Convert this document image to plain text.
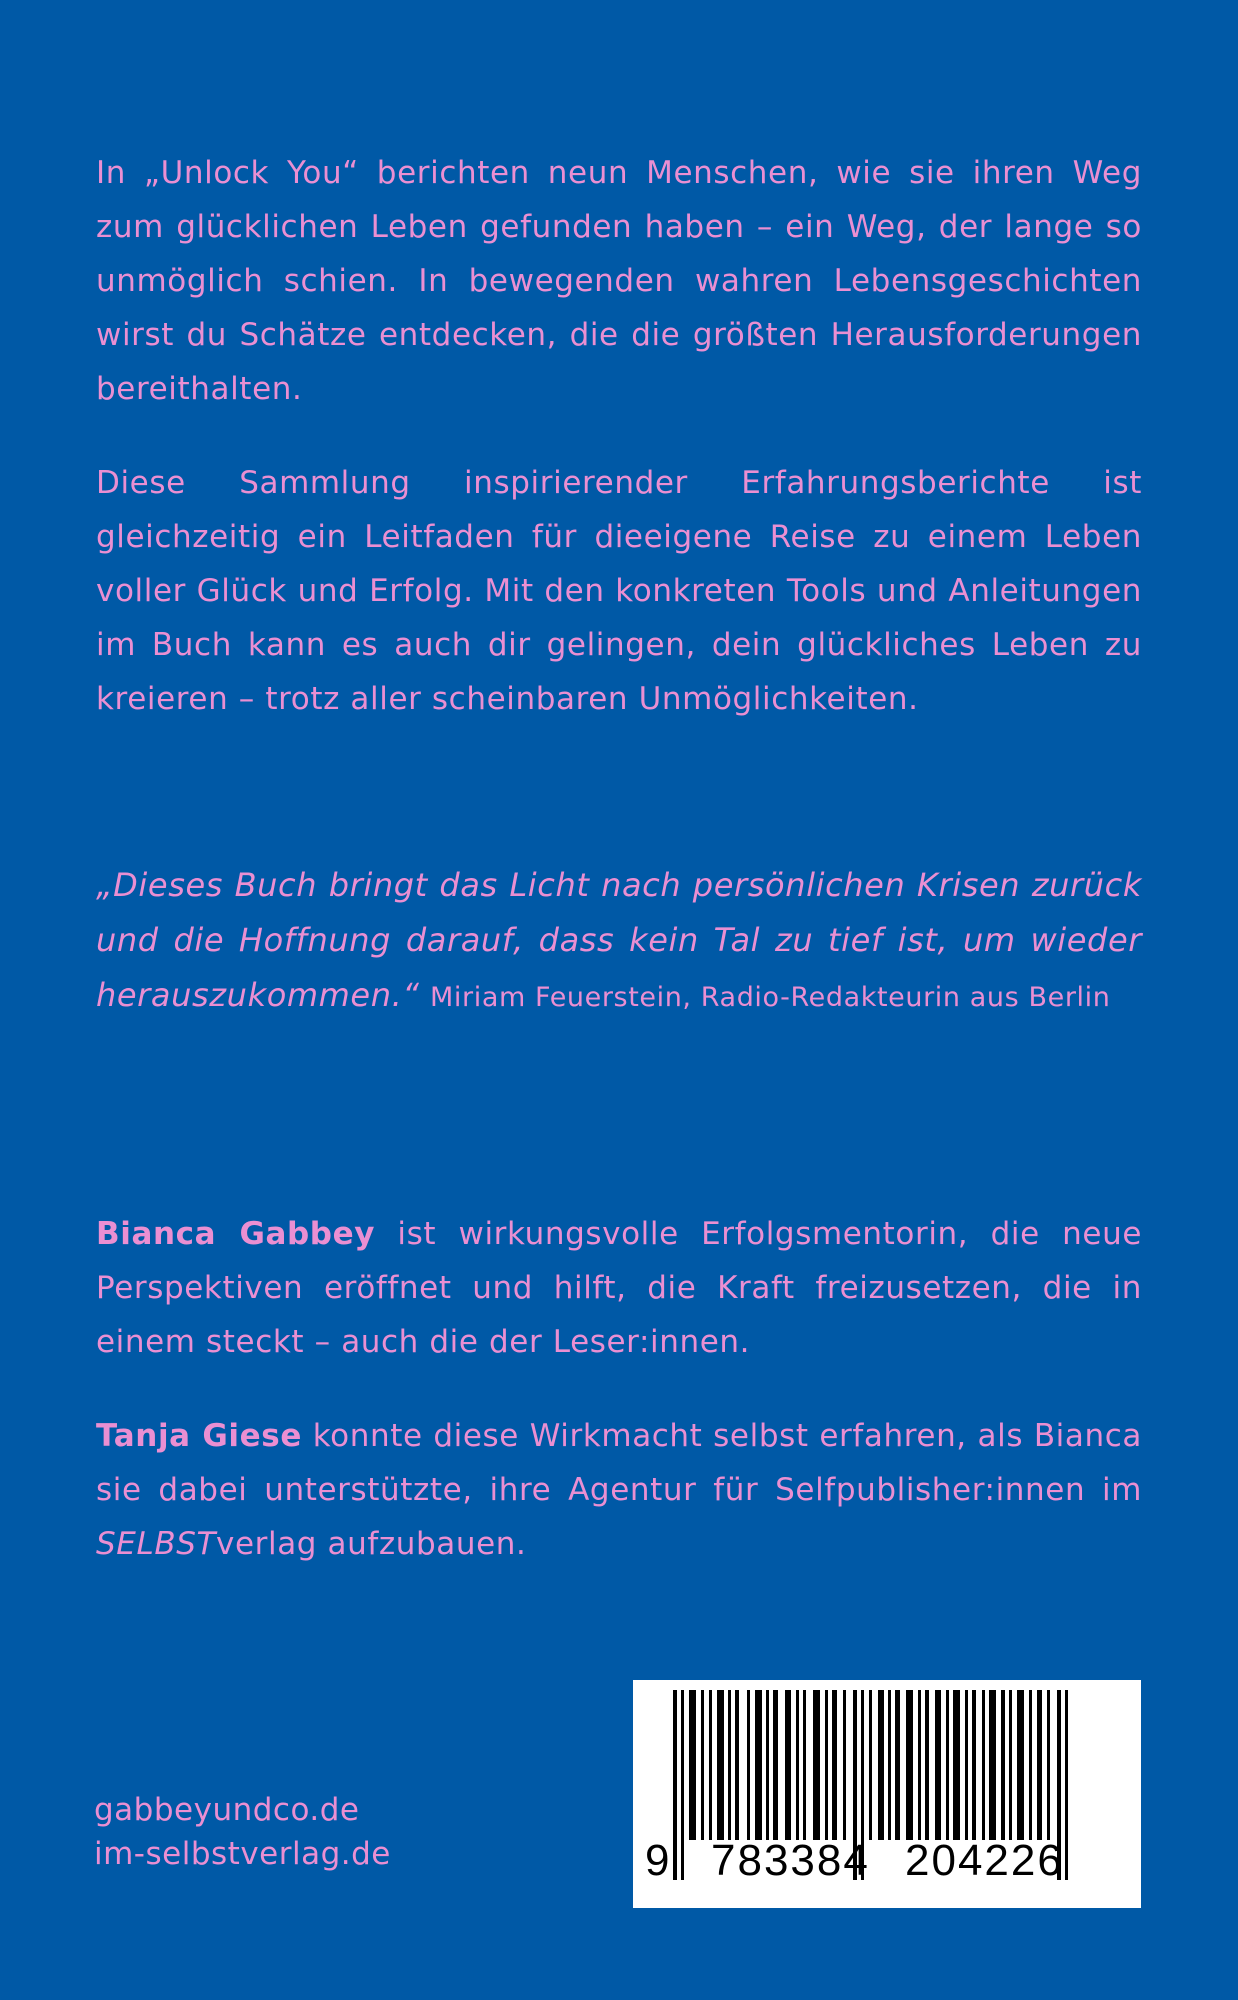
In „Unlock You“ berichten neun Menschen, wie sie ihren Weg zum glücklichen Leben gefunden haben – ein Weg, der lange so unmöglich schien. In bewegenden wahren Lebensgeschichten wirst du Schätze entdecken, die die größten Herausforderungen bereithalten.

Diese Sammlung inspirierender Erfahrungsberichte ist gleichzeitig ein Leitfaden für dieeigene Reise zu einem Leben voller Glück und Erfolg. Mit den konkreten Tools und Anleitungen im Buch kann es auch dir gelingen, dein glückliches Leben zu kreieren – trotz aller scheinbaren Unmöglichkeiten.

„Dieses Buch bringt das Licht nach persönlichen Krisen zurück und die Hoffnung darauf, dass kein Tal zu tief ist, um wieder herauszukommen.“ Miriam Feuerstein, Radio-Redakteurin aus Berlin

Bianca Gabbey ist wirkungsvolle Erfolgsmentorin, die neue Perspektiven eröffnet und hilft, die Kraft freizusetzen, die in einem steckt – auch die der Leser:innen.

Tanja Giese konnte diese Wirkmacht selbst erfahren, als Bianca sie dabei unterstützte, ihre Agentur für Selfpublisher:innen im SELBSTverlag aufzubauen.

gabbeyundco.de
im-selbstverlag.de	9 783384 204226
